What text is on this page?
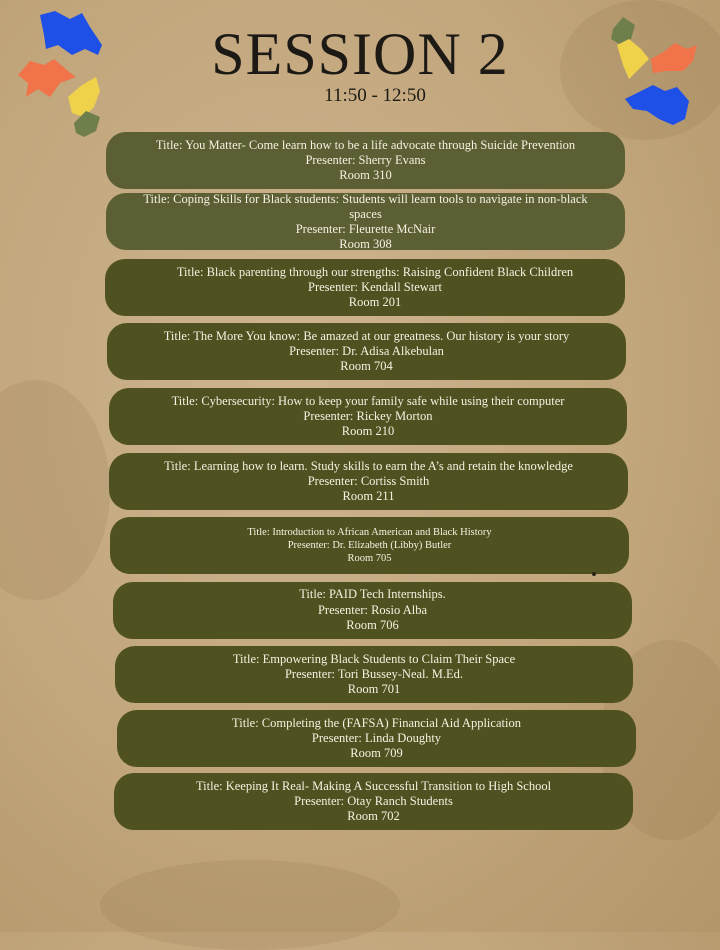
SESSION 2
11:50 - 12:50
Title: You Matter- Come learn how to be a life advocate through Suicide Prevention
Presenter: Sherry Evans
Room 310
Title: Coping Skills for Black students: Students will learn tools to navigate in non-black spaces
Presenter: Fleurette McNair
Room 308
Title: Black parenting through our strengths: Raising Confident Black Children
Presenter: Kendall Stewart
Room 201
Title: The More You know: Be amazed at our greatness. Our history is your story
Presenter: Dr. Adisa Alkebulan
Room 704
Title: Cybersecurity: How to keep your family safe while using their computer
Presenter: Rickey Morton
Room 210
Title: Learning how to learn. Study skills to earn the A’s and retain the knowledge
Presenter: Cortiss Smith
Room 211
Title: Introduction to African American and Black History
Presenter: Dr. Elizabeth (Libby) Butler
Room 705
Title: PAID Tech Internships.
Presenter: Rosio Alba
Room 706
Title: Empowering Black Students to Claim Their Space
Presenter: Tori Bussey-Neal. M.Ed.
Room 701
Title: Completing the (FAFSA) Financial Aid Application
Presenter: Linda Doughty
Room 709
Title: Keeping It Real- Making A Successful Transition to High School
Presenter: Otay Ranch Students
Room 702
